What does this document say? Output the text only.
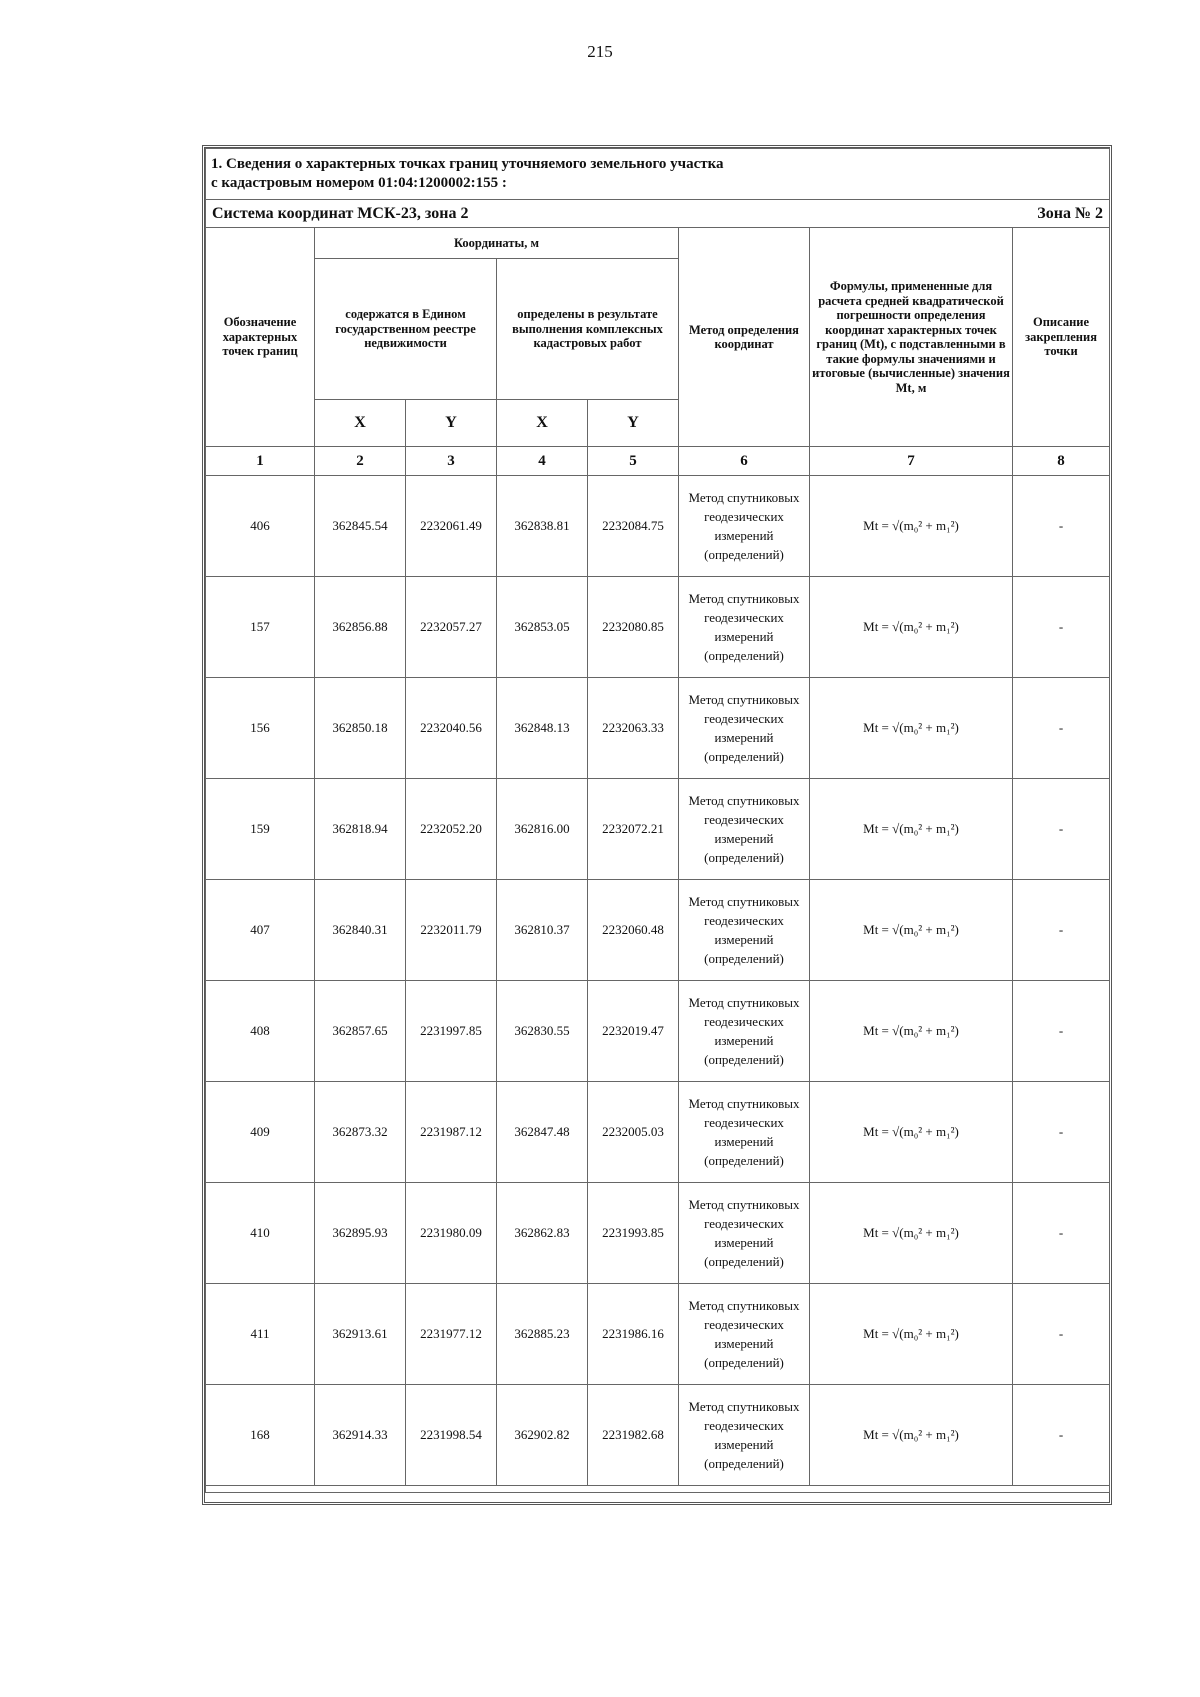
215
1. Сведения о характерных точках границ уточняемого земельного участка
с кадастровым номером 01:04:1200002:155 :							

Система координат МСК-23, зона 2 Зона № 2							

Обозначение характерных точек границ	Координаты, м				Метод определения координат	Формулы, примененные для расчета средней квадратической погрешности определения координат характерных точек границ (Mt), с подставленными в такие формулы значениями и итоговые (вычисленные) значения Mt, м	Описание закрепления точки
	содержатся в Едином государственном реестре недвижимости		определены в результате выполнения комплексных кадастровых работ				
	X	Y	X	Y			
1	2	3	4	5	6	7	8
406	362845.54	2232061.49	362838.81	2232084.75	Метод спутниковых геодезических измерений (определений)	Mt = √(m₀² + m₁²)	-
157	362856.88	2232057.27	362853.05	2232080.85	Метод спутниковых геодезических измерений (определений)	Mt = √(m₀² + m₁²)	-
156	362850.18	2232040.56	362848.13	2232063.33	Метод спутниковых геодезических измерений (определений)	Mt = √(m₀² + m₁²)	-
159	362818.94	2232052.20	362816.00	2232072.21	Метод спутниковых геодезических измерений (определений)	Mt = √(m₀² + m₁²)	-
407	362840.31	2232011.79	362810.37	2232060.48	Метод спутниковых геодезических измерений (определений)	Mt = √(m₀² + m₁²)	-
408	362857.65	2231997.85	362830.55	2232019.47	Метод спутниковых геодезических измерений (определений)	Mt = √(m₀² + m₁²)	-
409	362873.32	2231987.12	362847.48	2232005.03	Метод спутниковых геодезических измерений (определений)	Mt = √(m₀² + m₁²)	-
410	362895.93	2231980.09	362862.83	2231993.85	Метод спутниковых геодезических измерений (определений)	Mt = √(m₀² + m₁²)	-
411	362913.61	2231977.12	362885.23	2231986.16	Метод спутниковых геодезических измерений (определений)	Mt = √(m₀² + m₁²)	-
168	362914.33	2231998.54	362902.82	2231982.68	Метод спутниковых геодезических измерений (определений)	Mt = √(m₀² + m₁²)	-
